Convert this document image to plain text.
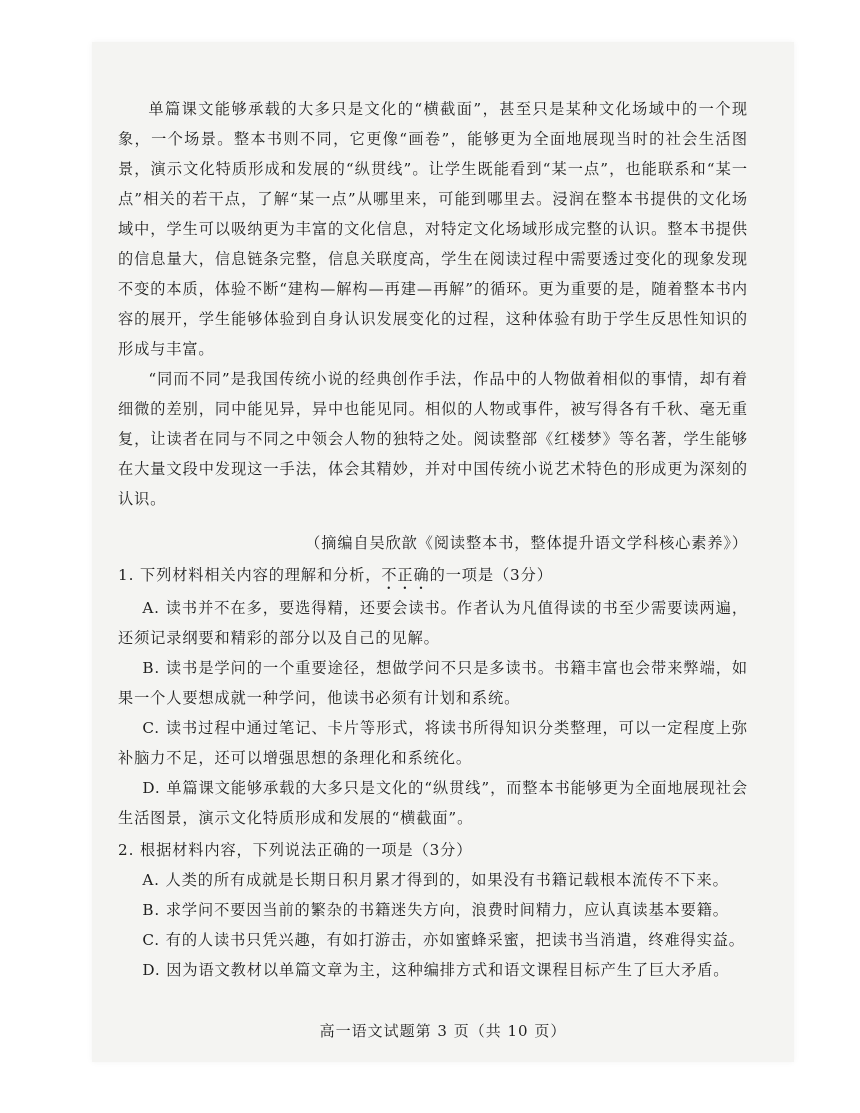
单篇课文能够承载的大多只是文化的“横截面”，甚至只是某种文化场域中的一个现象，一个场景。整本书则不同，它更像“画卷”，能够更为全面地展现当时的社会生活图景，演示文化特质形成和发展的“纵贯线”。让学生既能看到“某一点”，也能联系和“某一点”相关的若干点，了解“某一点”从哪里来，可能到哪里去。浸润在整本书提供的文化场域中，学生可以吸纳更为丰富的文化信息，对特定文化场域形成完整的认识。整本书提供的信息量大，信息链条完整，信息关联度高，学生在阅读过程中需要透过变化的现象发现不变的本质，体验不断“建构—解构—再建—再解”的循环。更为重要的是，随着整本书内容的展开，学生能够体验到自身认识发展变化的过程，这种体验有助于学生反思性知识的形成与丰富。

“同而不同”是我国传统小说的经典创作手法，作品中的人物做着相似的事情，却有着细微的差别，同中能见异，异中也能见同。相似的人物或事件，被写得各有千秋、毫无重复，让读者在同与不同之中领会人物的独特之处。阅读整部《红楼梦》等名著，学生能够在大量文段中发现这一手法，体会其精妙，并对中国传统小说艺术特色的形成更为深刻的认识。

（摘编自吴欣歆《阅读整本书，整体提升语文学科核心素养》）

1. 下列材料相关内容的理解和分析，不正确的一项是（3分）

A. 读书并不在多，要选得精，还要会读书。作者认为凡值得读的书至少需要读两遍，还须记录纲要和精彩的部分以及自己的见解。

B. 读书是学问的一个重要途径，想做学问不只是多读书。书籍丰富也会带来弊端，如果一个人要想成就一种学问，他读书必须有计划和系统。

C. 读书过程中通过笔记、卡片等形式，将读书所得知识分类整理，可以一定程度上弥补脑力不足，还可以增强思想的条理化和系统化。

D. 单篇课文能够承载的大多只是文化的“纵贯线”，而整本书能够更为全面地展现社会生活图景，演示文化特质形成和发展的“横截面”。

2. 根据材料内容，下列说法正确的一项是（3分）

A. 人类的所有成就是长期日积月累才得到的，如果没有书籍记载根本流传不下来。

B. 求学问不要因当前的繁杂的书籍迷失方向，浪费时间精力，应认真读基本要籍。

C. 有的人读书只凭兴趣，有如打游击，亦如蜜蜂采蜜，把读书当消遣，终难得实益。

D. 因为语文教材以单篇文章为主，这种编排方式和语文课程目标产生了巨大矛盾。

高一语文试题第 3 页（共 10 页）
